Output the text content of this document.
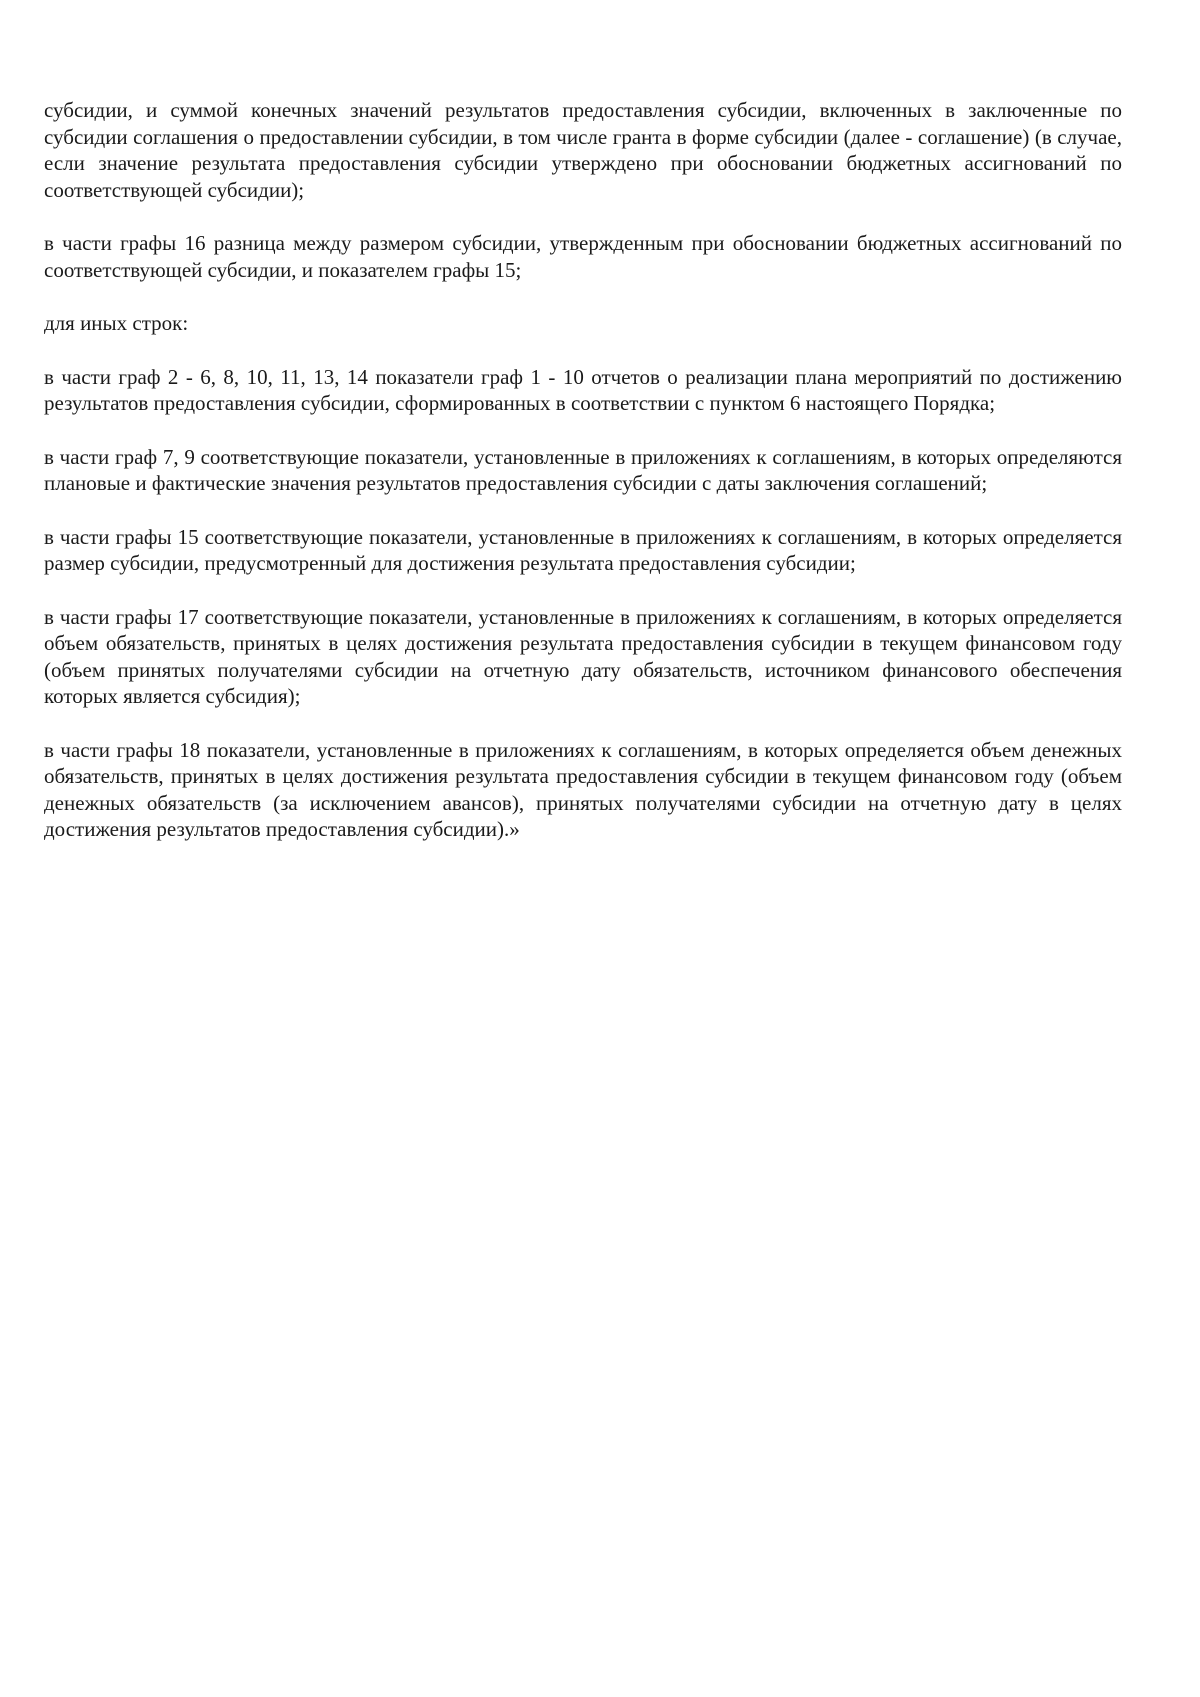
субсидии, и суммой конечных значений результатов предоставления субсидии, включенных в заключенные по субсидии соглашения о предоставлении субсидии, в том числе гранта в форме субсидии (далее - соглашение) (в случае, если значение результата предоставления субсидии утверждено при обосновании бюджетных ассигнований по соответствующей субсидии);

в части графы 16 разница между размером субсидии, утвержденным при обосновании бюджетных ассигнований по соответствующей субсидии, и показателем графы 15;

для иных строк:

в части граф 2 - 6, 8, 10, 11, 13, 14 показатели граф 1 - 10 отчетов о реализации плана мероприятий по достижению результатов предоставления субсидии, сформированных в соответствии с пунктом 6 настоящего Порядка;

в части граф 7, 9 соответствующие показатели, установленные в приложениях к соглашениям, в которых определяются плановые и фактические значения результатов предоставления субсидии с даты заключения соглашений;

в части графы 15 соответствующие показатели, установленные в приложениях к соглашениям, в которых определяется размер субсидии, предусмотренный для достижения результата предоставления субсидии;

в части графы 17 соответствующие показатели, установленные в приложениях к соглашениям, в которых определяется объем обязательств, принятых в целях достижения результата предоставления субсидии в текущем финансовом году (объем принятых получателями субсидии на отчетную дату обязательств, источником финансового обеспечения которых является субсидия);

в части графы 18 показатели, установленные в приложениях к соглашениям, в которых определяется объем денежных обязательств, принятых в целях достижения результата предоставления субсидии в текущем финансовом году (объем денежных обязательств (за исключением авансов), принятых получателями субсидии на отчетную дату в целях достижения результатов предоставления субсидии).»
